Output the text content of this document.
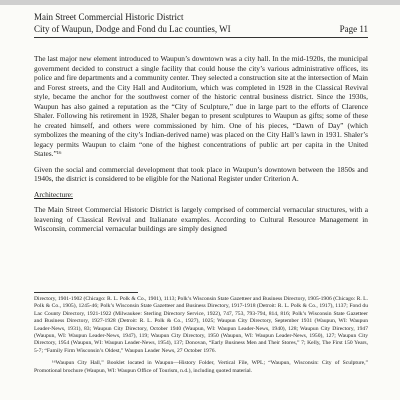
Main Street Commercial Historic District
City of Waupun, Dodge and Fond du Lac counties, WI	Page 11

The last major new element introduced to Waupun’s downtown was a city hall. In the mid-1920s, the municipal government decided to construct a single facility that could house the city’s various administrative offices, its police and fire departments and a community center. They selected a construction site at the intersection of Main and Forest streets, and the City Hall and Auditorium, which was completed in 1928 in the Classical Revival style, became the anchor for the southwest corner of the historic central business district. Since the 1930s, Waupun has also gained a reputation as the “City of Sculpture,” due in large part to the efforts of Clarence Shaler. Following his retirement in 1928, Shaler began to present sculptures to Waupun as gifts; some of these he created himself, and others were commissioned by him. One of his pieces, “Dawn of Day” (which symbolizes the meaning of the city’s Indian-derived name) was placed on the City Hall’s lawn in 1931. Shaler’s legacy permits Waupun to claim “one of the highest concentrations of public art per capita in the United States.”¹⁶

Given the social and commercial development that took place in Waupun’s downtown between the 1850s and 1940s, the district is considered to be eligible for the National Register under Criterion A.

Architecture:

The Main Street Commercial Historic District is largely comprised of commercial vernacular structures, with a leavening of Classical Revival and Italianate examples. According to Cultural Resource Management in Wisconsin, commercial vernacular buildings are simply designed

Directory, 1901-1902 (Chicago: R. L. Polk & Co., 1901), 1113; Polk’s Wisconsin State Gazetteer and Business Directory, 1905-1906 (Chicago: R. L. Polk & Co., 1905), 1245-46; Polk’s Wisconsin State Gazetteer and Business Directory, 1917-1918 (Detroit: R. L. Polk & Co., 1917), 1137; Fond du Lac County Directory, 1921-1922 (Milwaukee: Sterling Directory Service, 1922), 747, 753, 793-794, 814, 816; Polk’s Wisconsin State Gazetteer and Business Directory, 1927-1928 (Detroit: R. L. Polk & Co., 1927), 1025; Waupun City Directory, September 1931 (Waupun, WI: Waupun Leader-News, 1931), 83; Waupun City Directory, October 1940 (Waupun, WI: Waupun Leader-News, 1940), 128; Waupun City Directory, 1947 (Waupun, WI: Waupun Leader-News, 1947), 119; Waupun City Directory, 1950 (Waupun, WI: Waupun Leader-News, 1950), 127; Waupun City Directory, 1954 (Waupun, WI: Waupun Leader-News, 1954), 137; Donovan, “Early Business Men and Their Stores,” 7; Kelly, The First 150 Years, 5-7; “Family Firm Wisconsin’s Oldest,” Waupun Leader News, 27 October 1976.

¹⁶Waupun City Hall,” Booklet located in Waupun—History Folder, Vertical File, WPL; “Waupun, Wisconsin: City of Sculpture,” Promotional brochure (Waupun, WI: Waupun Office of Tourism, n.d.), including quoted material.
